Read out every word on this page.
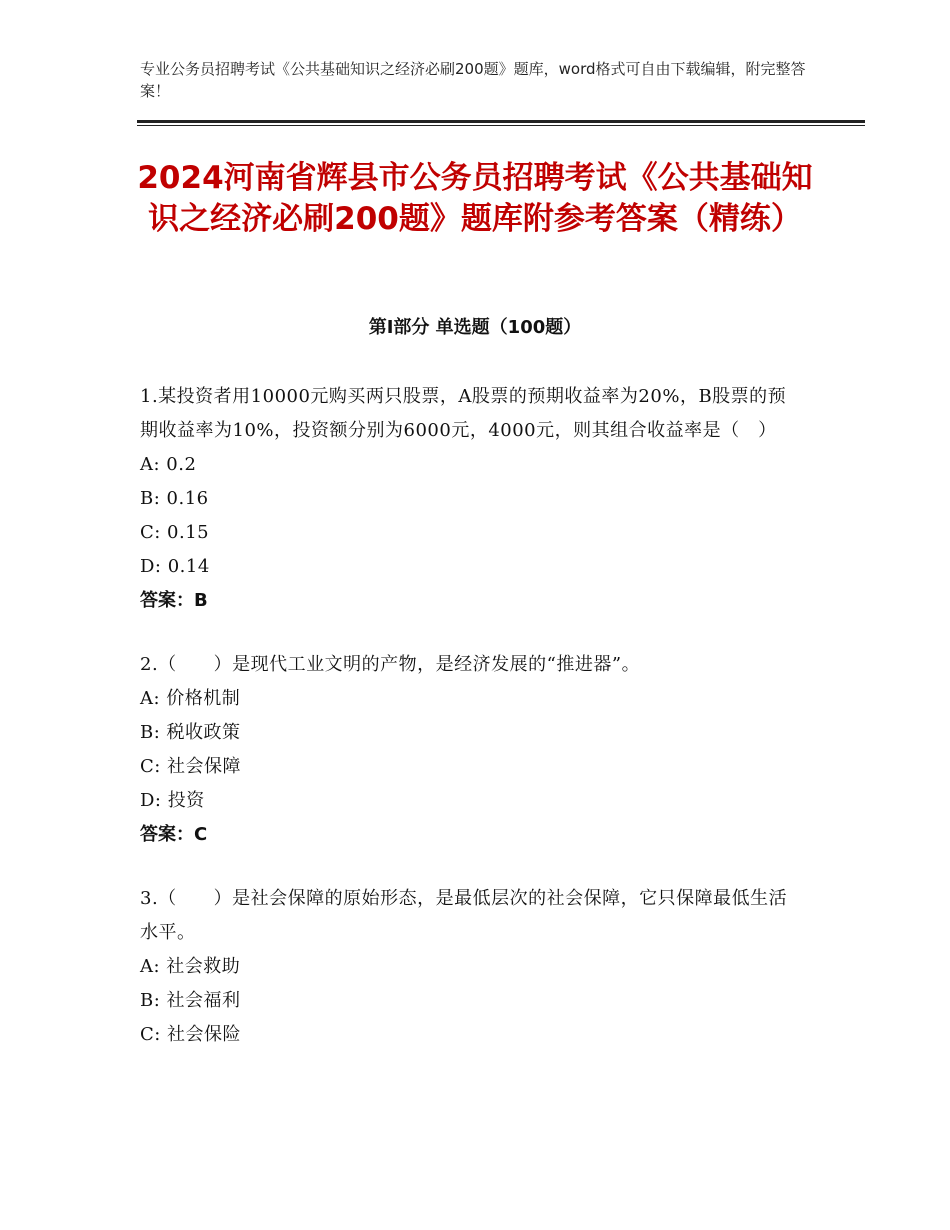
专业公务员招聘考试《公共基础知识之经济必刷200题》题库，word格式可自由下载编辑，附完整答案！
2024河南省辉县市公务员招聘考试《公共基础知识之经济必刷200题》题库附参考答案（精练）
第Ⅰ部分 单选题（100题）
1.某投资者用10000元购买两只股票，A股票的预期收益率为20%，B股票的预期收益率为10%，投资额分别为6000元，4000元，则其组合收益率是（　）
A: 0.2
B: 0.16
C: 0.15
D: 0.14
答案：B
2.（　　）是现代工业文明的产物，是经济发展的“推进器”。
A: 价格机制
B: 税收政策
C: 社会保障
D: 投资
答案：C
3.（　　）是社会保障的原始形态，是最低层次的社会保障，它只保障最低生活水平。
A: 社会救助
B: 社会福利
C: 社会保险
